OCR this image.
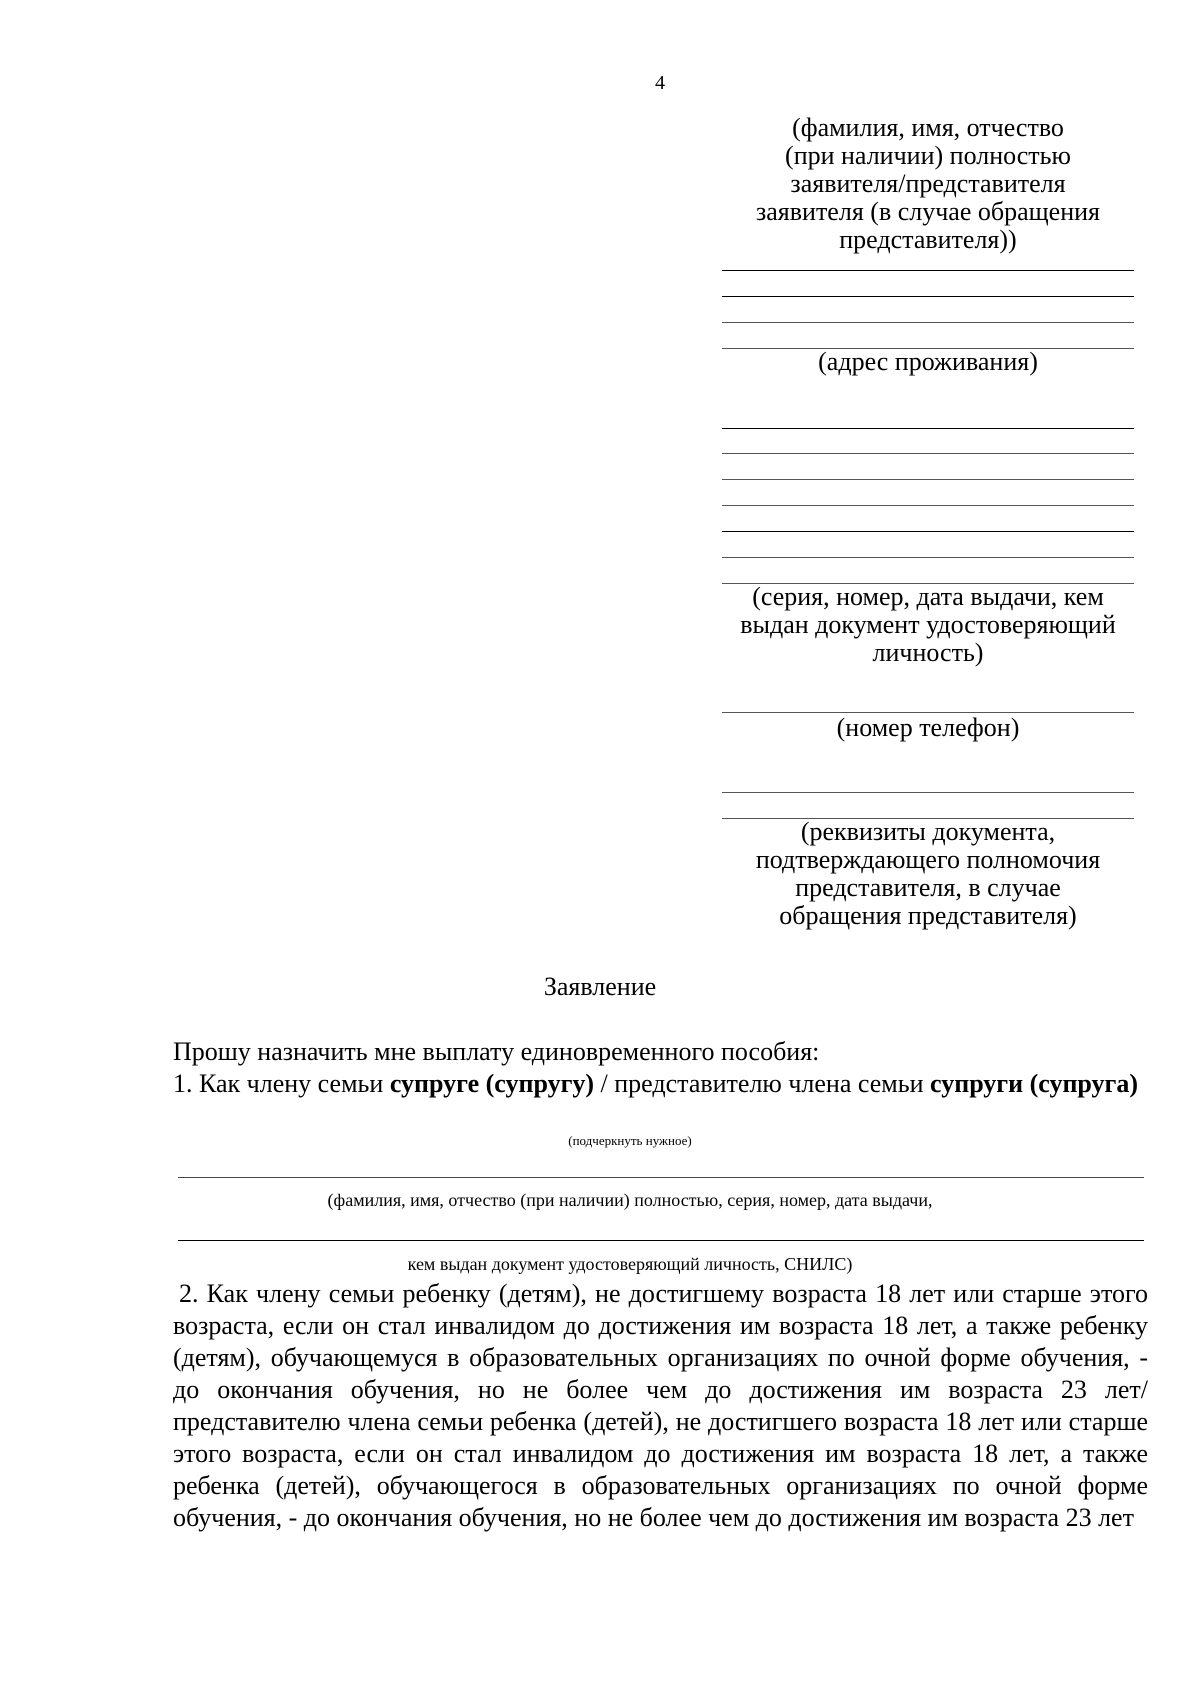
4
(фамилия, имя, отчество
(при наличии) полностью
заявителя/представителя
заявителя (в случае обращения
представителя))
(адрес проживания)
(серия, номер, дата выдачи, кем
выдан документ удостоверяющий
личность)
(номер телефон)
(реквизиты документа,
подтверждающего полномочия
представителя, в случае
обращения представителя)
Заявление
Прошу назначить мне выплату единовременного пособия:
1. Как члену семьи супруге (супругу) / представителю члена семьи супруги (супруга)
(подчеркнуть нужное)
(фамилия, имя, отчество (при наличии) полностью, серия, номер, дата выдачи,
кем выдан документ удостоверяющий личность, СНИЛС)
2. Как члену семьи ребенку (детям), не достигшему возраста 18 лет или старше этого возраста, если он стал инвалидом до достижения им возраста 18 лет, а также ребенку (детям), обучающемуся в образовательных организациях по очной форме обучения, - до окончания обучения, но не более чем до достижения им возраста 23 лет/ представителю члена семьи ребенка (детей), не достигшего возраста 18 лет или старше этого возраста, если он стал инвалидом до достижения им возраста 18 лет, а также ребенка (детей), обучающегося в образовательных организациях по очной форме обучения, - до окончания обучения, но не более чем до достижения им возраста 23 лет
